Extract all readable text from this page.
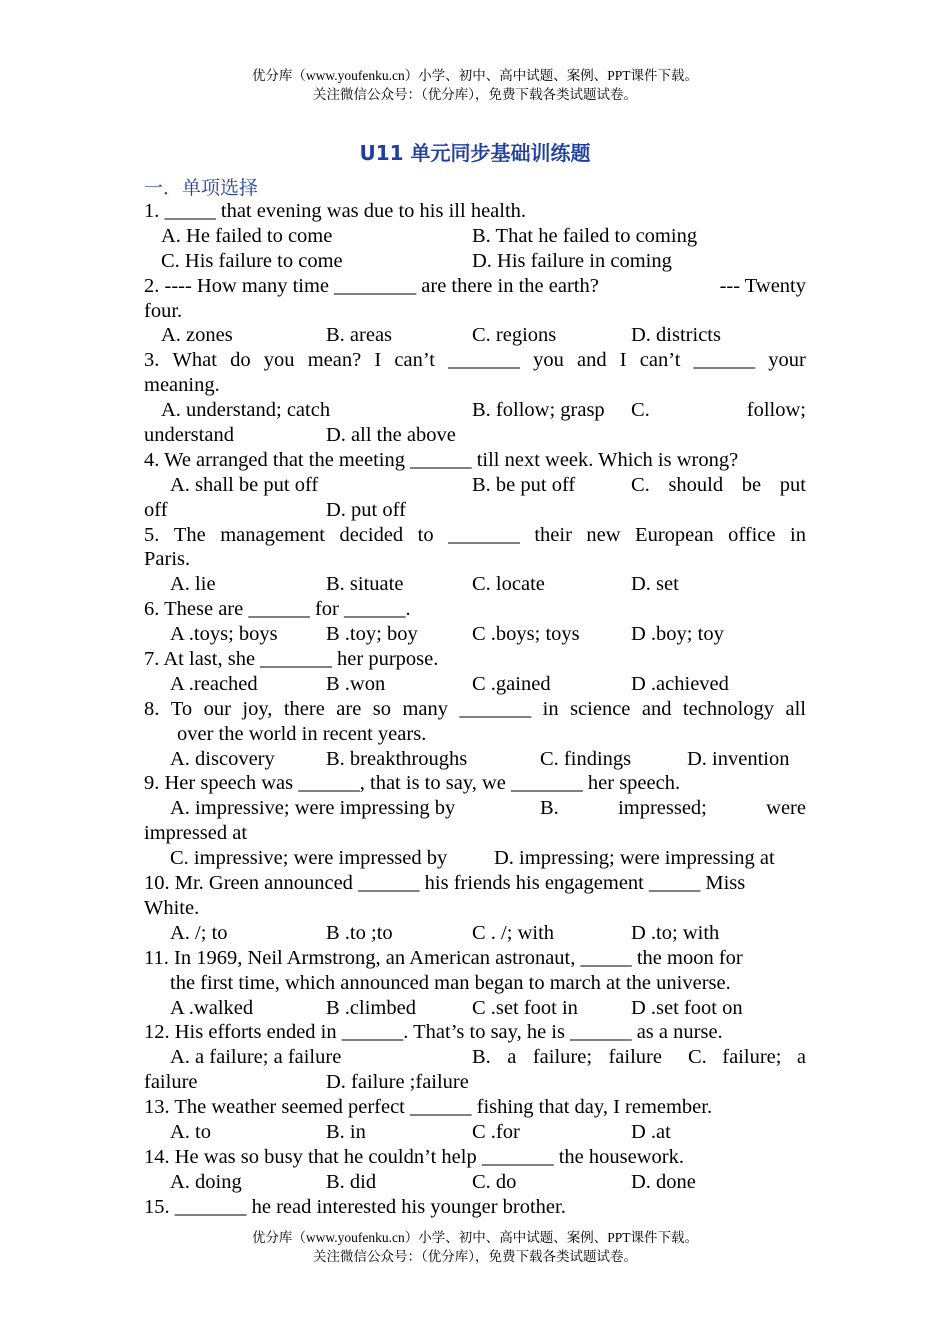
优分库（www.youfenku.cn）小学、初中、高中试题、案例、PPT课件下载。
关注微信公众号：（优分库），免费下载各类试题试卷。
U11 单元同步基础训练题
一．单项选择
1. _____ that evening was due to his ill health.
A. He failed to come	B. That he failed to coming
C. His failure to come	D. His failure in coming
2. ---- How many time ________ are there in the earth?	--- Twenty
four.
A. zones	B. areas	C. regions	D. districts
3. What do you mean? I can’t _______ you and I can’t ______ your
meaning.
A. understand; catch	B. follow; grasp C.	follow;
understand	D. all the above
4. We arranged that the meeting ______ till next week. Which is wrong?
A. shall be put off	B. be put off	C. should be put
off	D. put off
5. The management decided to _______ their new European office in
Paris.
A. lie	B. situate	C. locate	D. set
6. These are ______ for ______.
A .toys; boys B .toy; boy	C .boys; toys	D .boy; toy
7. At last, she _______ her purpose.
A .reached	B .won	C .gained	D .achieved
8. To our joy, there are so many _______ in science and technology all
over the world in recent years.
A. discovery B. breakthroughs	C. findings	D. invention
9. Her speech was ______, that is to say, we _______ her speech.
A. impressive; were impressing by	B.	impressed;	were
impressed at
C. impressive; were impressed by D. impressing; were impressing at
10. Mr. Green announced ______ his friends his engagement _____ Miss
White.
A. /; to	B .to ;to	C . /; with	D .to; with
11. In 1969, Neil Armstrong, an American astronaut, _____ the moon for
the first time, which announced man began to march at the universe.
A .walked	B .climbed	C .set foot in	D .set foot on
12. His efforts ended in ______. That’s to say, he is ______ as a nurse.
A. a failure; a failure	B. a failure; failure C. failure; a
failure	D. failure ;failure
13. The weather seemed perfect ______ fishing that day, I remember.
A. to	B. in	C .for	D .at
14. He was so busy that he couldn’t help _______ the housework.
A. doing	B. did	C. do	D. done
15. _______ he read interested his younger brother.
优分库（www.youfenku.cn）小学、初中、高中试题、案例、PPT课件下载。
关注微信公众号：（优分库），免费下载各类试题试卷。
